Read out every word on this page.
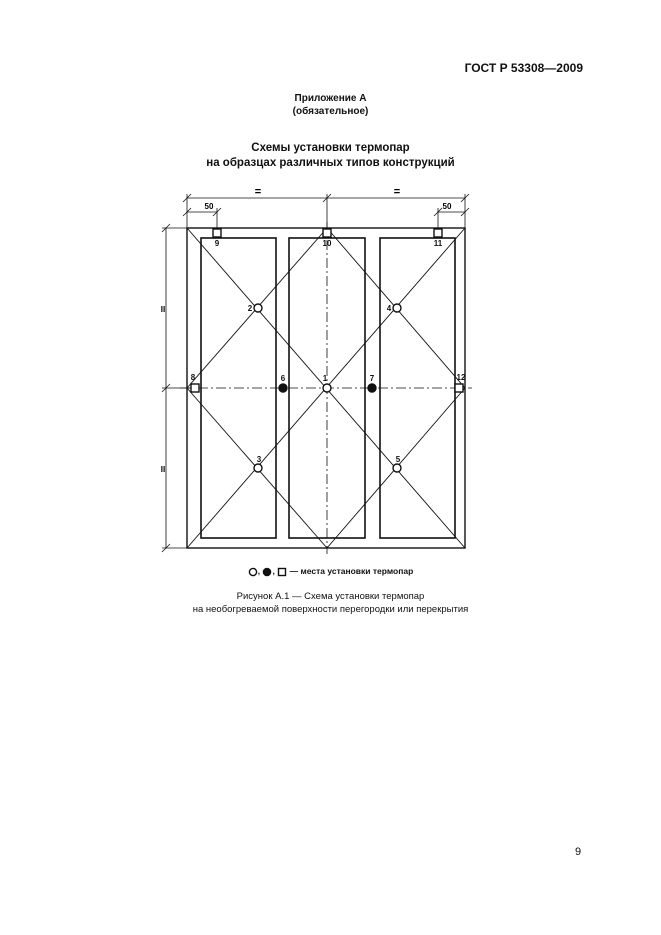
ГОСТ Р 53308—2009
Приложение А
(обязательное)
Схемы установки термопар
на образцах различных типов конструкций
=	=
50	50
II
II
1
2
3
4
5
6	7
8
9	10	11
12
, , — места установки термопар
Рисунок А.1 — Схема установки термопар
на необогреваемой поверхности перегородки или перекрытия
9
